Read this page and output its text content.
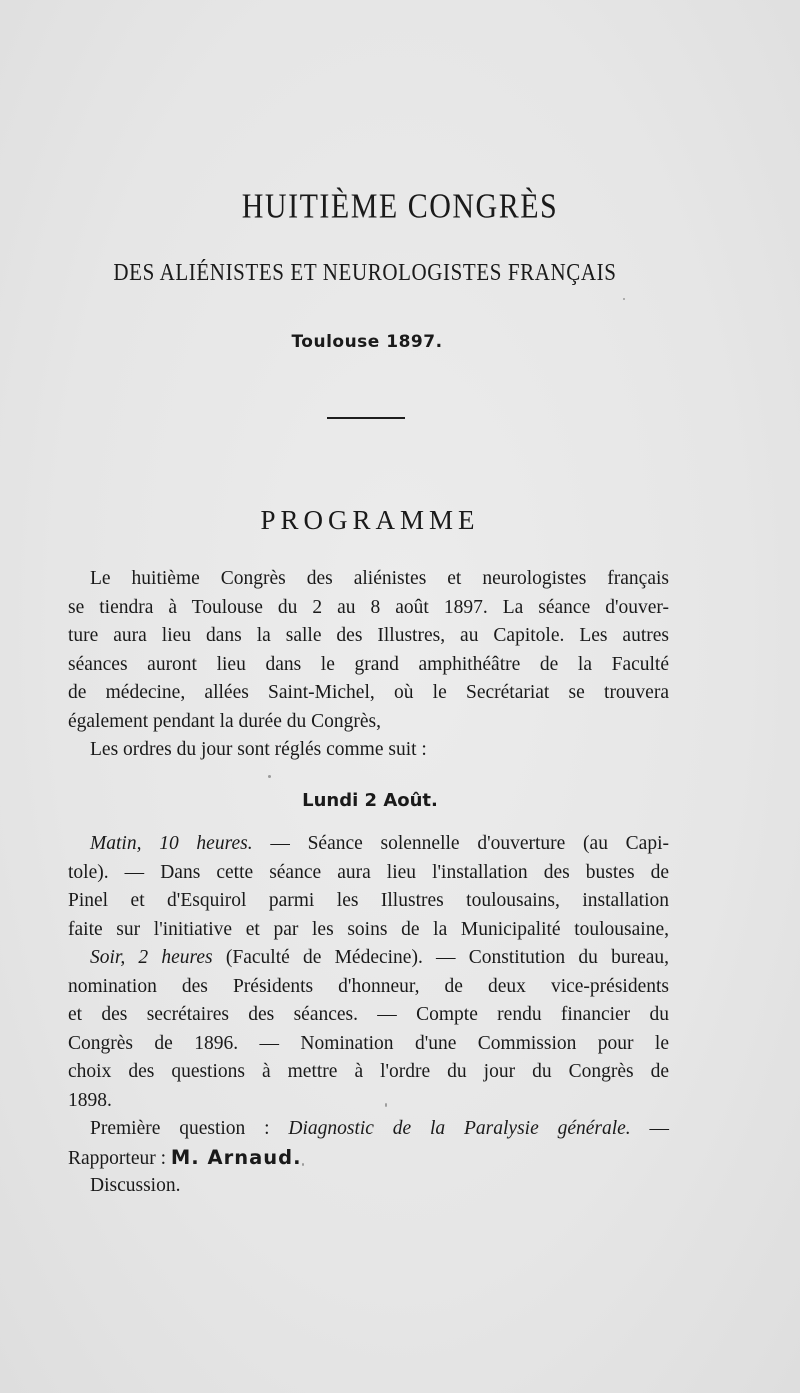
HUITIÈME CONGRÈS
DES ALIÉNISTES ET NEUROLOGISTES FRANÇAIS
Toulouse 1897.
PROGRAMME
Le huitième Congrès des aliénistes et neurologistes français
se tiendra à Toulouse du 2 au 8 août 1897. La séance d'ouver-
ture aura lieu dans la salle des Illustres, au Capitole. Les autres
séances auront lieu dans le grand amphithéâtre de la Faculté
de médecine, allées Saint-Michel, où le Secrétariat se trouvera
également pendant la durée du Congrès,
Les ordres du jour sont réglés comme suit :
Lundi 2 Août.
Matin, 10 heures. — Séance solennelle d'ouverture (au Capi-
tole). — Dans cette séance aura lieu l'installation des bustes de
Pinel et d'Esquirol parmi les Illustres toulousains, installation
faite sur l'initiative et par les soins de la Municipalité toulousaine,
Soir, 2 heures (Faculté de Médecine). — Constitution du bureau,
nomination des Présidents d'honneur, de deux vice-présidents
et des secrétaires des séances. — Compte rendu financier du
Congrès de 1896. — Nomination d'une Commission pour le
choix des questions à mettre à l'ordre du jour du Congrès de
1898.
Première question : Diagnostic de la Paralysie générale. —
Rapporteur : M. Arnaud.
Discussion.
